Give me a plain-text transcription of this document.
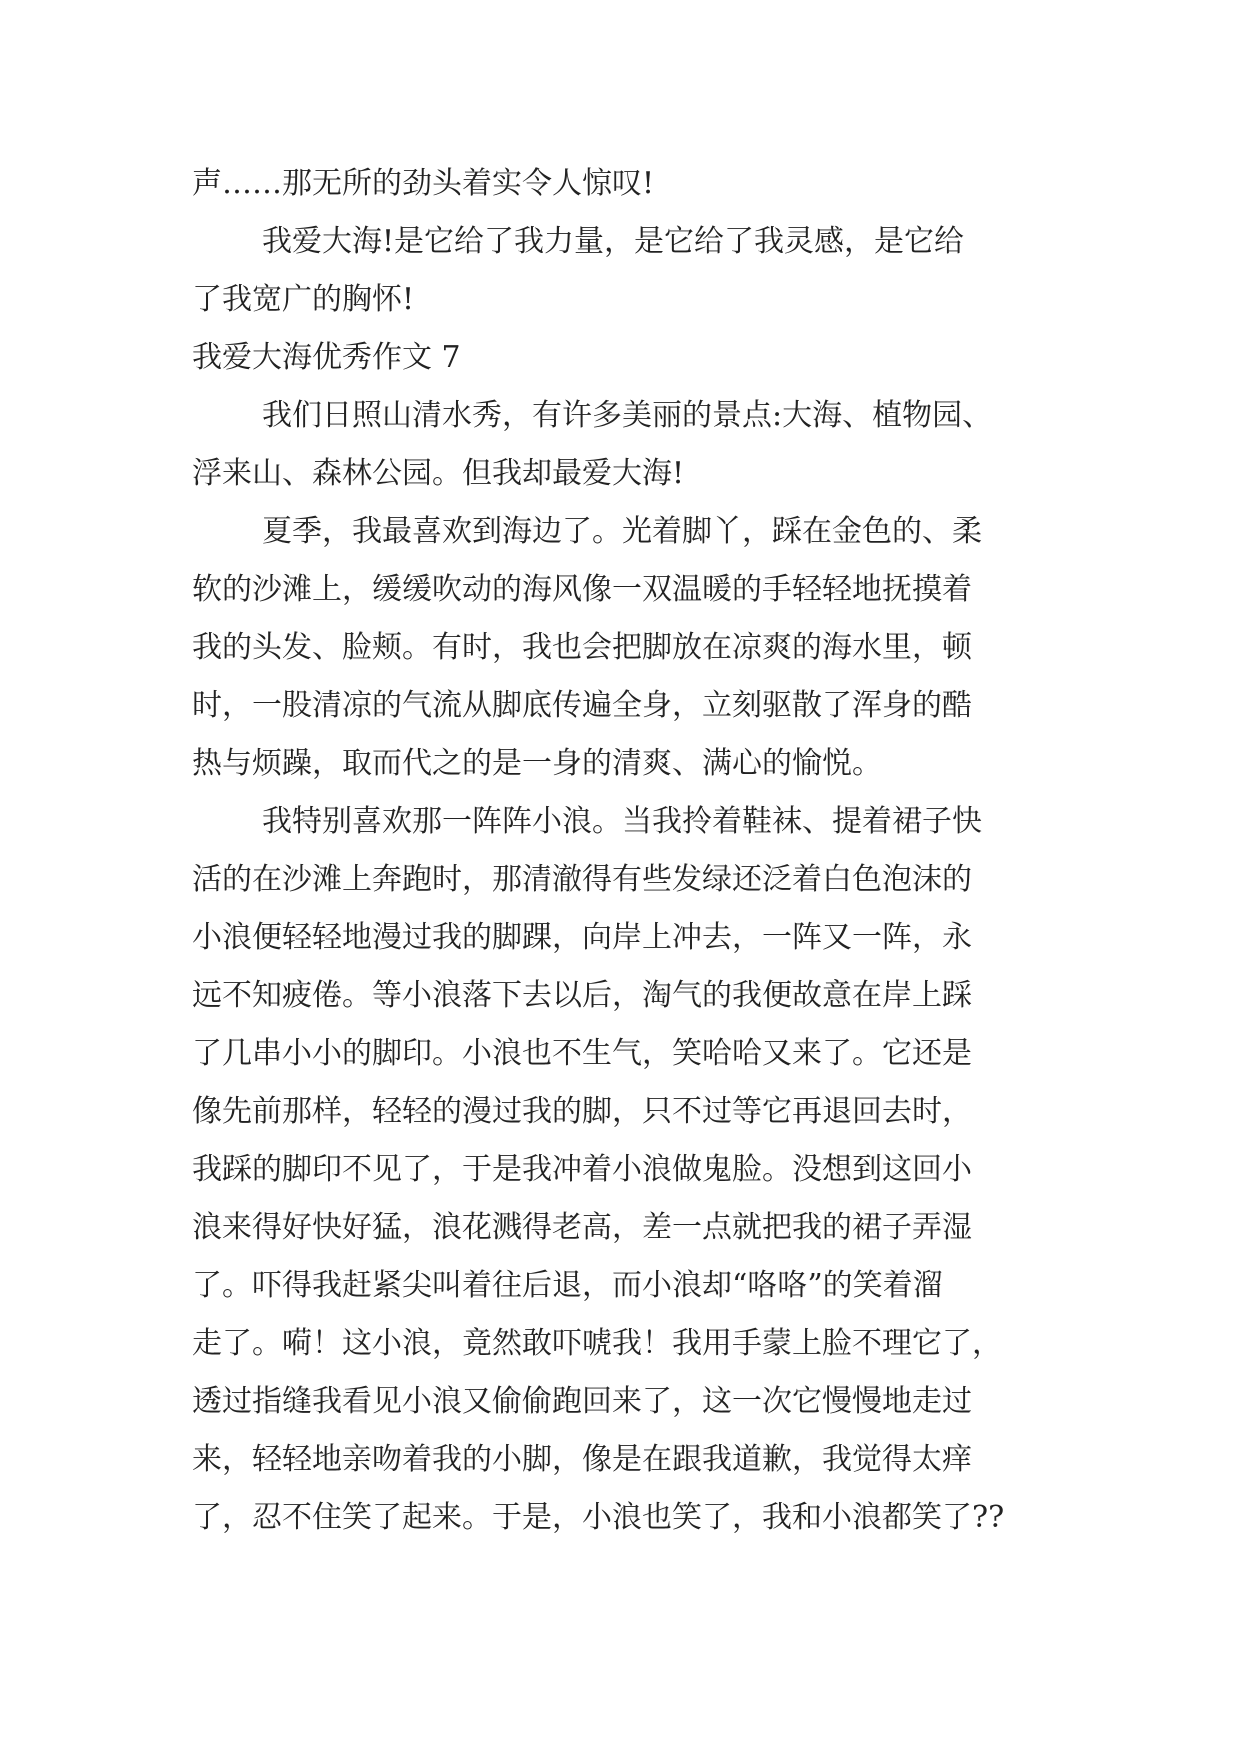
声……那无所的劲头着实令人惊叹!
我爱大海!是它给了我力量，是它给了我灵感，是它给
了我宽广的胸怀!
我爱大海优秀作文 7
我们日照山清水秀，有许多美丽的景点:大海、植物园、
浮来山、森林公园。但我却最爱大海!
夏季，我最喜欢到海边了。光着脚丫，踩在金色的、柔
软的沙滩上，缓缓吹动的海风像一双温暖的手轻轻地抚摸着
我的头发、脸颊。有时，我也会把脚放在凉爽的海水里，顿
时，一股清凉的气流从脚底传遍全身，立刻驱散了浑身的酷
热与烦躁，取而代之的是一身的清爽、满心的愉悦。
我特别喜欢那一阵阵小浪。当我拎着鞋袜、提着裙子快
活的在沙滩上奔跑时，那清澈得有些发绿还泛着白色泡沫的
小浪便轻轻地漫过我的脚踝，向岸上冲去，一阵又一阵，永
远不知疲倦。等小浪落下去以后，淘气的我便故意在岸上踩
了几串小小的脚印。小浪也不生气，笑哈哈又来了。它还是
像先前那样，轻轻的漫过我的脚，只不过等它再退回去时，
我踩的脚印不见了，于是我冲着小浪做鬼脸。没想到这回小
浪来得好快好猛，浪花溅得老高，差一点就把我的裙子弄湿
了。吓得我赶紧尖叫着往后退，而小浪却“咯咯”的笑着溜
走了。嗬！这小浪，竟然敢吓唬我！我用手蒙上脸不理它了，
透过指缝我看见小浪又偷偷跑回来了，这一次它慢慢地走过
来，轻轻地亲吻着我的小脚，像是在跟我道歉，我觉得太痒
了，忍不住笑了起来。于是，小浪也笑了，我和小浪都笑了??
